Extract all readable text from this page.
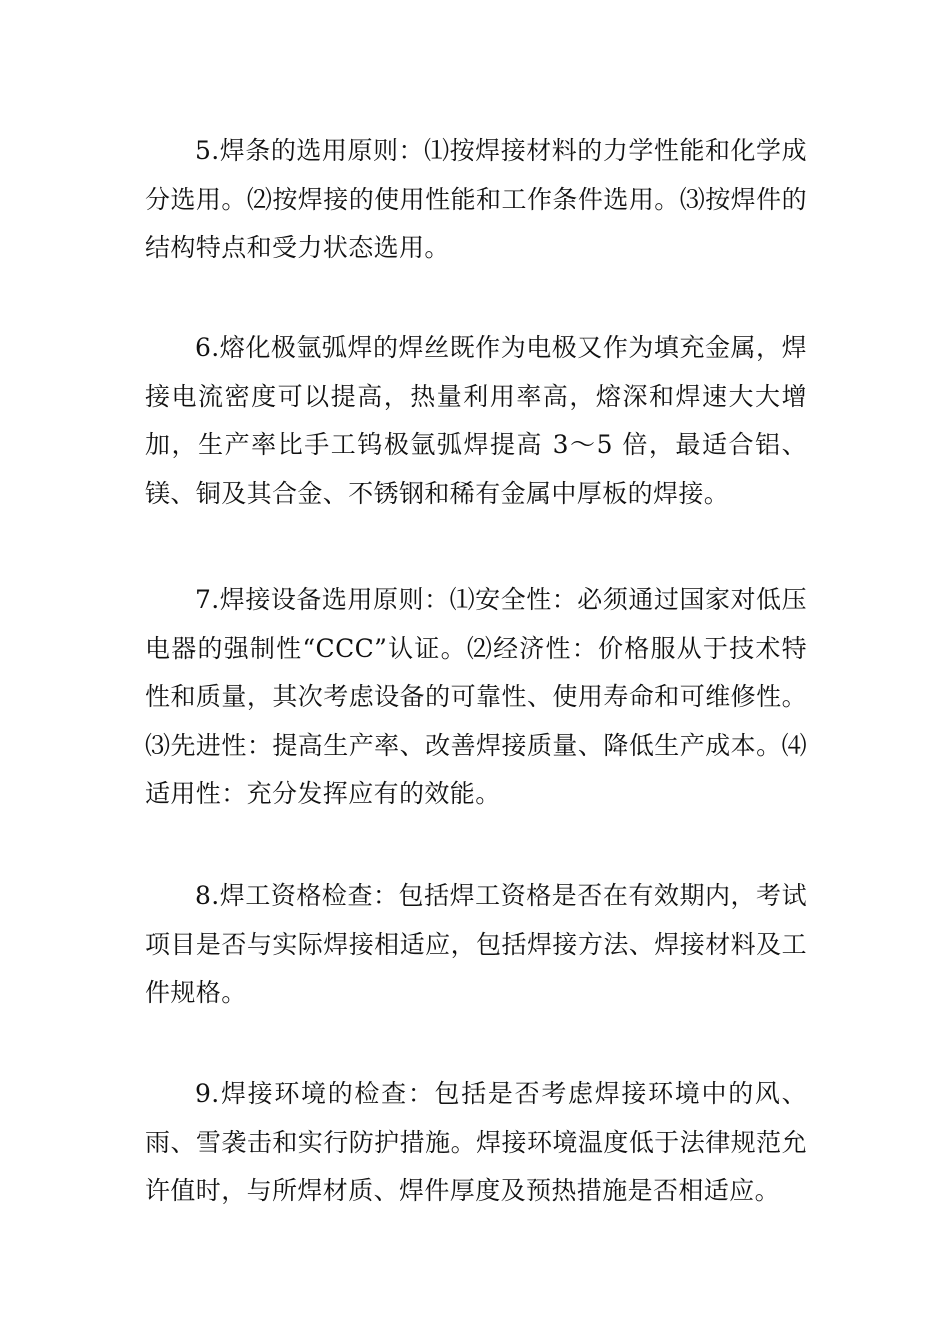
5.焊条的选用原则：⑴按焊接材料的力学性能和化学成分选用。⑵按焊接的使用性能和工作条件选用。⑶按焊件的结构特点和受力状态选用。

6.熔化极氩弧焊的焊丝既作为电极又作为填充金属，焊接电流密度可以提高，热量利用率高，熔深和焊速大大增加，生产率比手工钨极氩弧焊提高 3～5 倍，最适合铝、镁、铜及其合金、不锈钢和稀有金属中厚板的焊接。

7.焊接设备选用原则：⑴安全性：必须通过国家对低压电器的强制性“CCC”认证。⑵经济性：价格服从于技术特性和质量，其次考虑设备的可靠性、使用寿命和可维修性。⑶先进性：提高生产率、改善焊接质量、降低生产成本。⑷适用性：充分发挥应有的效能。

8.焊工资格检查：包括焊工资格是否在有效期内，考试项目是否与实际焊接相适应，包括焊接方法、焊接材料及工件规格。

9.焊接环境的检查：包括是否考虑焊接环境中的风、雨、雪袭击和实行防护措施。焊接环境温度低于法律规范允许值时，与所焊材质、焊件厚度及预热措施是否相适应。
